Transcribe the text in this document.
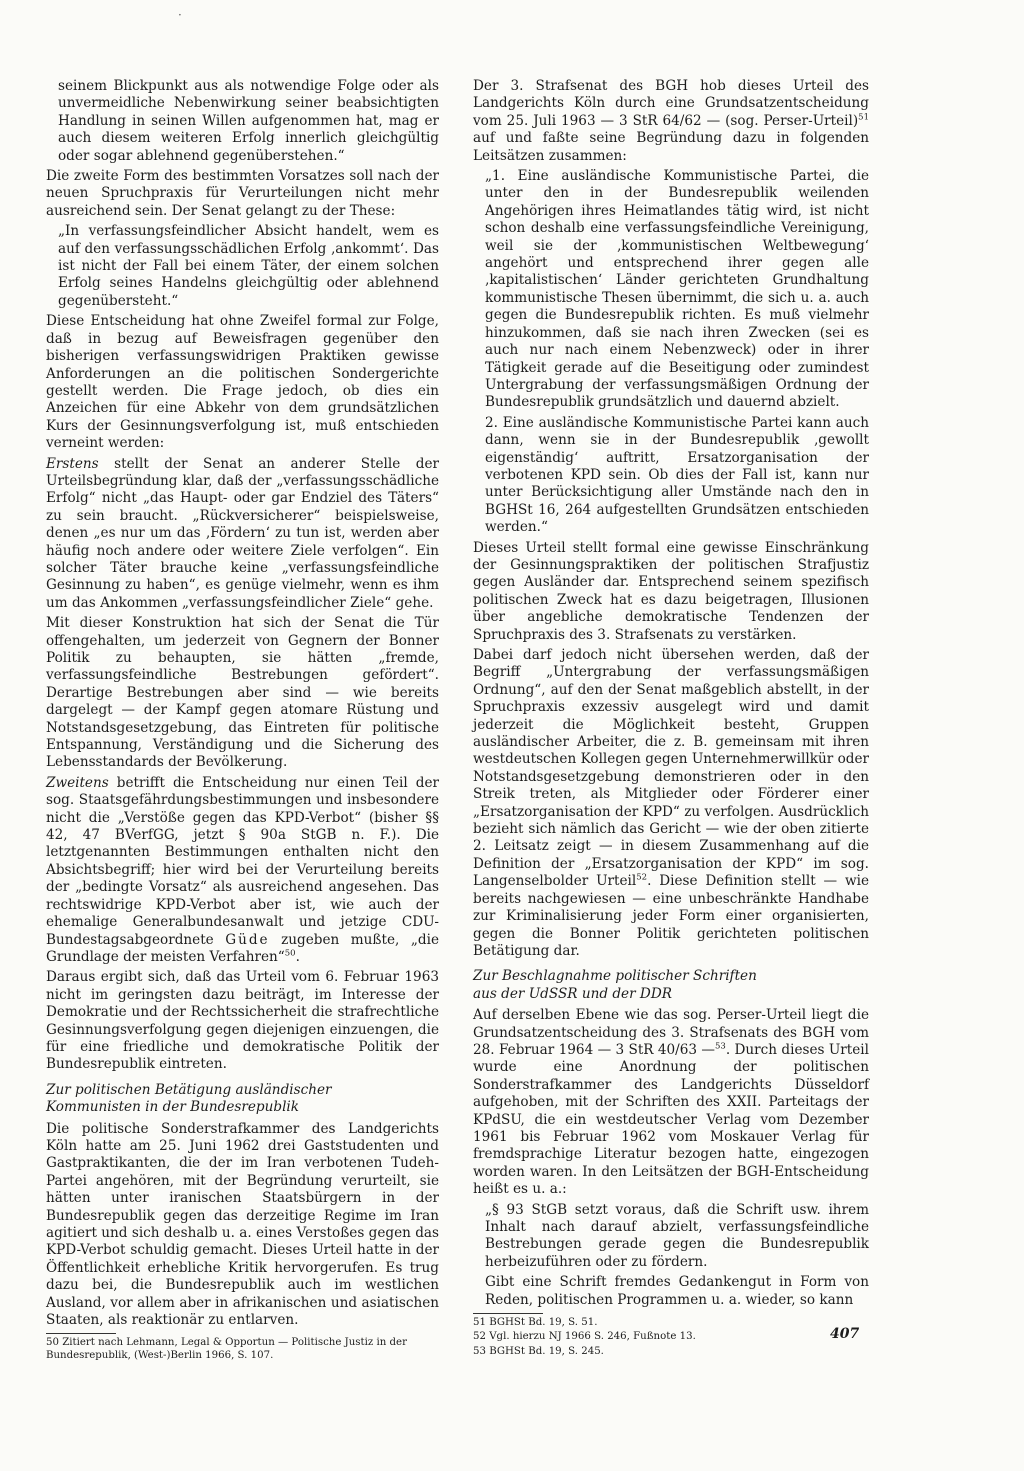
·

seinem Blickpunkt aus als notwendige Folge oder als unvermeidliche Nebenwirkung seiner beabsichtigten Handlung in seinen Willen aufgenommen hat, mag er auch diesem weiteren Erfolg innerlich gleichgültig oder sogar ablehnend gegenüberstehen.“

Die zweite Form des bestimmten Vorsatzes soll nach der neuen Spruchpraxis für Verurteilungen nicht mehr ausreichend sein. Der Senat gelangt zu der These:

„In verfassungsfeindlicher Absicht handelt, wem es auf den verfassungsschädlichen Erfolg ‚ankommt‘. Das ist nicht der Fall bei einem Täter, der einem solchen Erfolg seines Handelns gleichgültig oder ablehnend gegenübersteht.“

Diese Entscheidung hat ohne Zweifel formal zur Folge, daß in bezug auf Beweisfragen gegenüber den bisherigen verfassungswidrigen Praktiken gewisse Anforderungen an die politischen Sondergerichte gestellt werden. Die Frage jedoch, ob dies ein Anzeichen für eine Abkehr von dem grundsätzlichen Kurs der Gesinnungsverfolgung ist, muß entschieden verneint werden:

Erstens stellt der Senat an anderer Stelle der Urteilsbegründung klar, daß der „verfassungsschädliche Erfolg“ nicht „das Haupt- oder gar Endziel des Täters“ zu sein braucht. „Rückversicherer“ beispielsweise, denen „es nur um das ‚Fördern‘ zu tun ist, werden aber häufig noch andere oder weitere Ziele verfolgen“. Ein solcher Täter brauche keine „verfassungsfeindliche Gesinnung zu haben“, es genüge vielmehr, wenn es ihm um das Ankommen „verfassungsfeindlicher Ziele“ gehe.

Mit dieser Konstruktion hat sich der Senat die Tür offengehalten, um jederzeit von Gegnern der Bonner Politik zu behaupten, sie hätten „fremde, verfassungsfeindliche Bestrebungen gefördert“. Derartige Bestrebungen aber sind — wie bereits dargelegt — der Kampf gegen atomare Rüstung und Notstandsgesetzgebung, das Eintreten für politische Entspannung, Verständigung und die Sicherung des Lebensstandards der Bevölkerung.

Zweitens betrifft die Entscheidung nur einen Teil der sog. Staatsgefährdungsbestimmungen und insbesondere nicht die „Verstöße gegen das KPD-Verbot“ (bisher §§ 42, 47 BVerfGG, jetzt § 90a StGB n. F.). Die letztgenannten Bestimmungen enthalten nicht den Absichtsbegriff; hier wird bei der Verurteilung bereits der „bedingte Vorsatz“ als ausreichend angesehen. Das rechtswidrige KPD-Verbot aber ist, wie auch der ehemalige Generalbundesanwalt und jetzige CDU-Bundestagsabgeordnete Güde zugeben mußte, „die Grundlage der meisten Verfahren“$^{50}$.

Daraus ergibt sich, daß das Urteil vom 6. Februar 1963 nicht im geringsten dazu beiträgt, im Interesse der Demokratie und der Rechtssicherheit die strafrechtliche Gesinnungsverfolgung gegen diejenigen einzuengen, die für eine friedliche und demokratische Politik der Bundesrepublik eintreten.

Zur politischen Betätigung ausländischer
Kommunisten in der Bundesrepublik

Die politische Sonderstrafkammer des Landgerichts Köln hatte am 25. Juni 1962 drei Gaststudenten und Gastpraktikanten, die der im Iran verbotenen Tudeh-Partei angehören, mit der Begründung verurteilt, sie hätten unter iranischen Staatsbürgern in der Bundesrepublik gegen das derzeitige Regime im Iran agitiert und sich deshalb u. a. eines Verstoßes gegen das KPD-Verbot schuldig gemacht. Dieses Urteil hatte in der Öffentlichkeit erhebliche Kritik hervorgerufen. Es trug dazu bei, die Bundesrepublik auch im westlichen Ausland, vor allem aber in afrikanischen und asiatischen Staaten, als reaktionär zu entlarven.

50 Zitiert nach Lehmann, Legal & Opportun — Politische Justiz in der Bundesrepublik, (West-)Berlin 1966, S. 107.

Der 3. Strafsenat des BGH hob dieses Urteil des Landgerichts Köln durch eine Grundsatzentscheidung vom 25. Juli 1963 — 3 StR 64/62 — (sog. Perser-Urteil)$^{51}$ auf und faßte seine Begründung dazu in folgenden Leitsätzen zusammen:

„1. Eine ausländische Kommunistische Partei, die unter den in der Bundesrepublik weilenden Angehörigen ihres Heimatlandes tätig wird, ist nicht schon deshalb eine verfassungsfeindliche Vereinigung, weil sie der ‚kommunistischen Weltbewegung‘ angehört und entsprechend ihrer gegen alle ‚kapitalistischen‘ Länder gerichteten Grundhaltung kommunistische Thesen übernimmt, die sich u. a. auch gegen die Bundesrepublik richten. Es muß vielmehr hinzukommen, daß sie nach ihren Zwecken (sei es auch nur nach einem Nebenzweck) oder in ihrer Tätigkeit gerade auf die Beseitigung oder zumindest Untergrabung der verfassungsmäßigen Ordnung der Bundesrepublik grundsätzlich und dauernd abzielt.

2. Eine ausländische Kommunistische Partei kann auch dann, wenn sie in der Bundesrepublik ‚gewollt eigenständig‘ auftritt, Ersatzorganisation der verbotenen KPD sein. Ob dies der Fall ist, kann nur unter Berücksichtigung aller Umstände nach den in BGHSt 16, 264 aufgestellten Grundsätzen entschieden werden.“

Dieses Urteil stellt formal eine gewisse Einschränkung der Gesinnungspraktiken der politischen Strafjustiz gegen Ausländer dar. Entsprechend seinem spezifisch politischen Zweck hat es dazu beigetragen, Illusionen über angebliche demokratische Tendenzen der Spruchpraxis des 3. Strafsenats zu verstärken.

Dabei darf jedoch nicht übersehen werden, daß der Begriff „Untergrabung der verfassungsmäßigen Ordnung“, auf den der Senat maßgeblich abstellt, in der Spruchpraxis exzessiv ausgelegt wird und damit jederzeit die Möglichkeit besteht, Gruppen ausländischer Arbeiter, die z. B. gemeinsam mit ihren westdeutschen Kollegen gegen Unternehmerwillkür oder Notstandsgesetzgebung demonstrieren oder in den Streik treten, als Mitglieder oder Förderer einer „Ersatzorganisation der KPD“ zu verfolgen. Ausdrücklich bezieht sich nämlich das Gericht — wie der oben zitierte 2. Leitsatz zeigt — in diesem Zusammenhang auf die Definition der „Ersatzorganisation der KPD“ im sog. Langenselbolder Urteil$^{52}$. Diese Definition stellt — wie bereits nachgewiesen — eine unbeschränkte Handhabe zur Kriminalisierung jeder Form einer organisierten, gegen die Bonner Politik gerichteten politischen Betätigung dar.

Zur Beschlagnahme politischer Schriften
aus der UdSSR und der DDR

Auf derselben Ebene wie das sog. Perser-Urteil liegt die Grundsatzentscheidung des 3. Strafsenats des BGH vom 28. Februar 1964 — 3 StR 40/63 —$^{53}$. Durch dieses Urteil wurde eine Anordnung der politischen Sonderstrafkammer des Landgerichts Düsseldorf aufgehoben, mit der Schriften des XXII. Parteitags der KPdSU, die ein westdeutscher Verlag vom Dezember 1961 bis Februar 1962 vom Moskauer Verlag für fremdsprachige Literatur bezogen hatte, eingezogen worden waren. In den Leitsätzen der BGH-Entscheidung heißt es u. a.:

„§ 93 StGB setzt voraus, daß die Schrift usw. ihrem Inhalt nach darauf abzielt, verfassungsfeindliche Bestrebungen gerade gegen die Bundesrepublik herbeizuführen oder zu fördern.

Gibt eine Schrift fremdes Gedankengut in Form von Reden, politischen Programmen u. a. wieder, so kann

51 BGHSt Bd. 19, S. 51.

52 Vgl. hierzu NJ 1966 S. 246, Fußnote 13.

53 BGHSt Bd. 19, S. 245.

407
